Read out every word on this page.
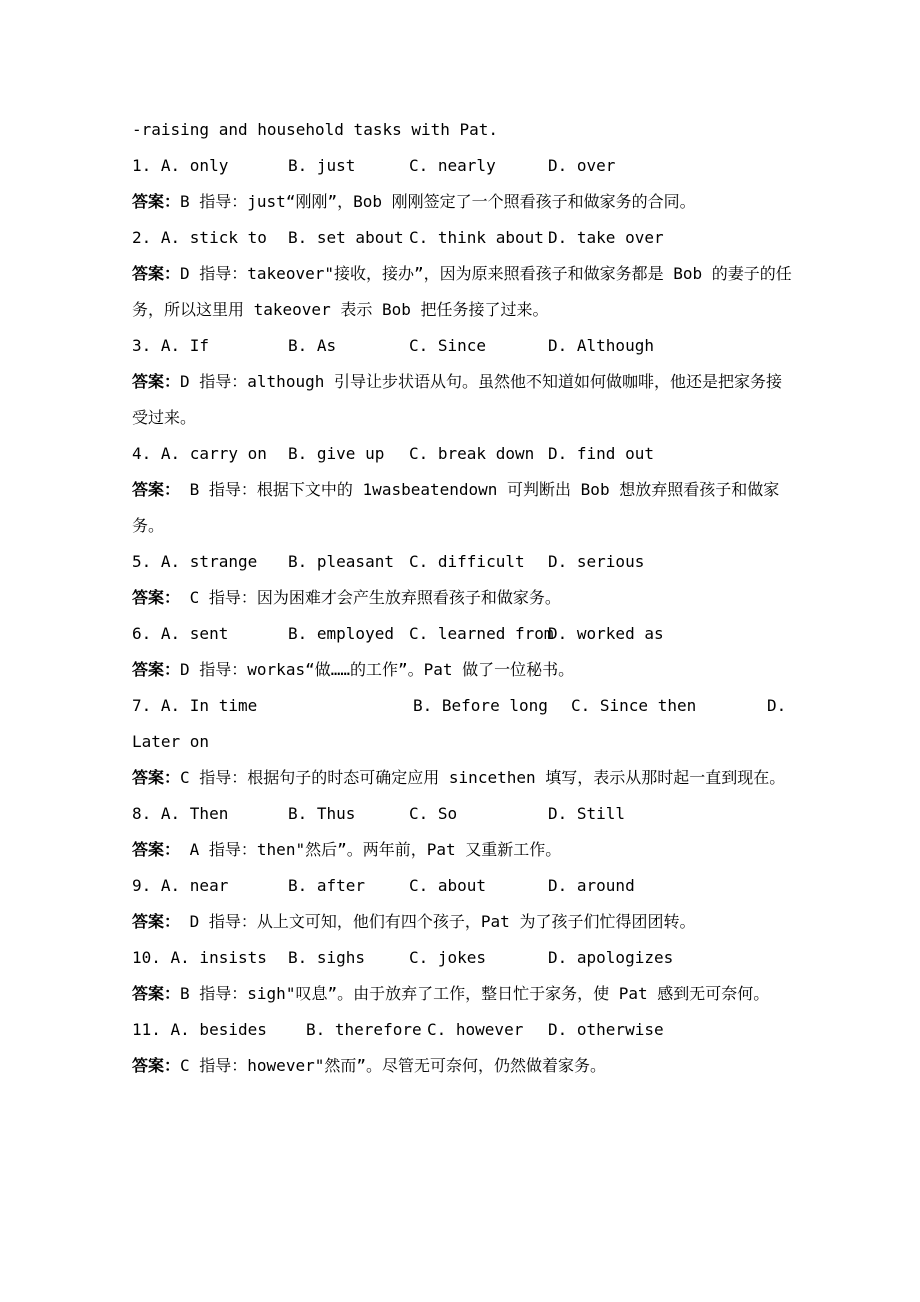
-raising and household tasks with Pat.
1. A. only	B. just	C. nearly	D. over
答案：B 指导：just“刚刚”，Bob 刚刚签定了一个照看孩子和做家务的合同。
2. A. stick to	B. set about C. think about D. take over
答案：D 指导：takeover"接收，接办”，因为原来照看孩子和做家务都是 Bob 的妻子的任务，所以这里用 takeover 表示 Bob 把任务接了过来。
3. A. If	B. As	C. Since	D. Although
答案：D 指导：although 引导让步状语从句。虽然他不知道如何做咖啡，他还是把家务接受过来。
4. A. carry on	B. give up	C. break down D. find out
答案： B 指导：根据下文中的 1wasbeatendown 可判断出 Bob 想放弃照看孩子和做家务。
5. A. strange	B. pleasant C. difficult	D. serious
答案： C 指导：因为困难才会产生放弃照看孩子和做家务。
6. A. sent	B. employed C. learned from
D. worked as
答案：D 指导：workas“做……的工作”。Pat 做了一位秘书。
7. A. In time	B. Before long	C. Since then	D.
Later on
答案：C 指导：根据句子的时态可确定应用 sincethen 填写，表示从那时起一直到现在。
8. A. Then	B. Thus	C. So	D. Still
答案： A 指导：then"然后”。两年前，Pat 又重新工作。
9. A. near	B. after	C. about	D. around
答案： D 指导：从上文可知，他们有四个孩子，Pat 为了孩子们忙得团团转。
10. A. insists	B. sighs	C. jokes	D. apologizes
答案：B 指导：sigh"叹息”。由于放弃了工作，整日忙于家务，使 Pat 感到无可奈何。
11. A. besides	B. therefore C. however	D. otherwise
答案：C 指导：however"然而”。尽管无可奈何，仍然做着家务。
